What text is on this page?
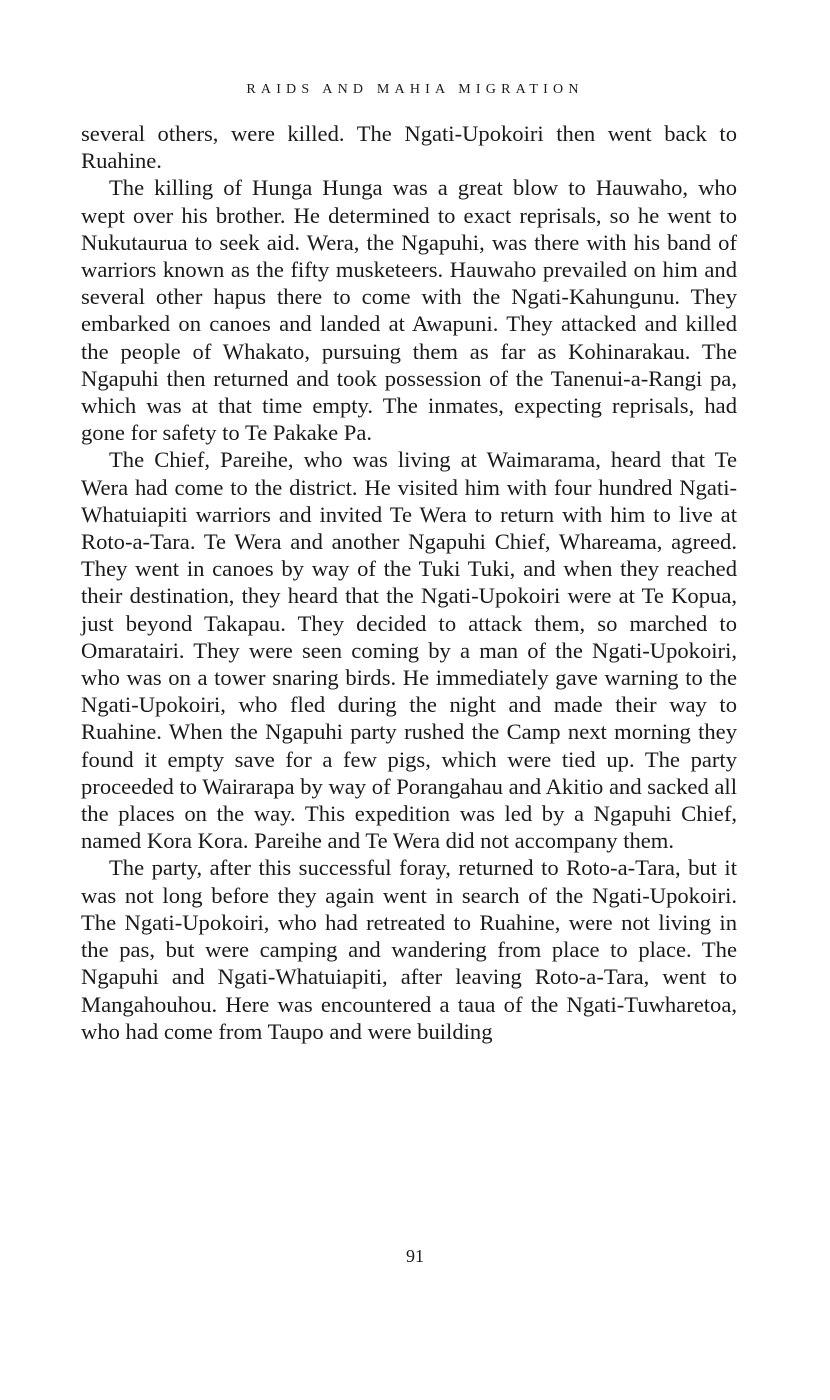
RAIDS AND MAHIA MIGRATION

several others, were killed. The Ngati-Upokoiri then went back to Ruahine.

The killing of Hunga Hunga was a great blow to Hauwaho, who wept over his brother. He determined to exact reprisals, so he went to Nukutaurua to seek aid. Wera, the Ngapuhi, was there with his band of warriors known as the fifty musketeers. Hauwaho prevailed on him and several other hapus there to come with the Ngati-Kahungunu. They embarked on canoes and landed at Awapuni. They attacked and killed the people of Whakato, pursuing them as far as Kohinarakau. The Ngapuhi then returned and took possession of the Tanenui-a-Rangi pa, which was at that time empty. The inmates, expecting reprisals, had gone for safety to Te Pakake Pa.

The Chief, Pareihe, who was living at Waimarama, heard that Te Wera had come to the district. He visited him with four hundred Ngati-Whatuiapiti warriors and invited Te Wera to return with him to live at Roto-a-Tara. Te Wera and another Ngapuhi Chief, Whareama, agreed. They went in canoes by way of the Tuki Tuki, and when they reached their destination, they heard that the Ngati-Upokoiri were at Te Kopua, just beyond Takapau. They decided to attack them, so marched to Omaratairi. They were seen coming by a man of the Ngati-Upokoiri, who was on a tower snaring birds. He immediately gave warning to the Ngati-Upokoiri, who fled during the night and made their way to Ruahine. When the Ngapuhi party rushed the Camp next morning they found it empty save for a few pigs, which were tied up. The party proceeded to Wairarapa by way of Porangahau and Akitio and sacked all the places on the way. This expedition was led by a Ngapuhi Chief, named Kora Kora. Pareihe and Te Wera did not accompany them.

The party, after this successful foray, returned to Roto-a-Tara, but it was not long before they again went in search of the Ngati-Upokoiri. The Ngati-Upokoiri, who had retreated to Ruahine, were not living in the pas, but were camping and wandering from place to place. The Ngapuhi and Ngati-Whatuiapiti, after leaving Roto-a-Tara, went to Mangahouhou. Here was encountered a taua of the Ngati-Tuwharetoa, who had come from Taupo and were building

91
